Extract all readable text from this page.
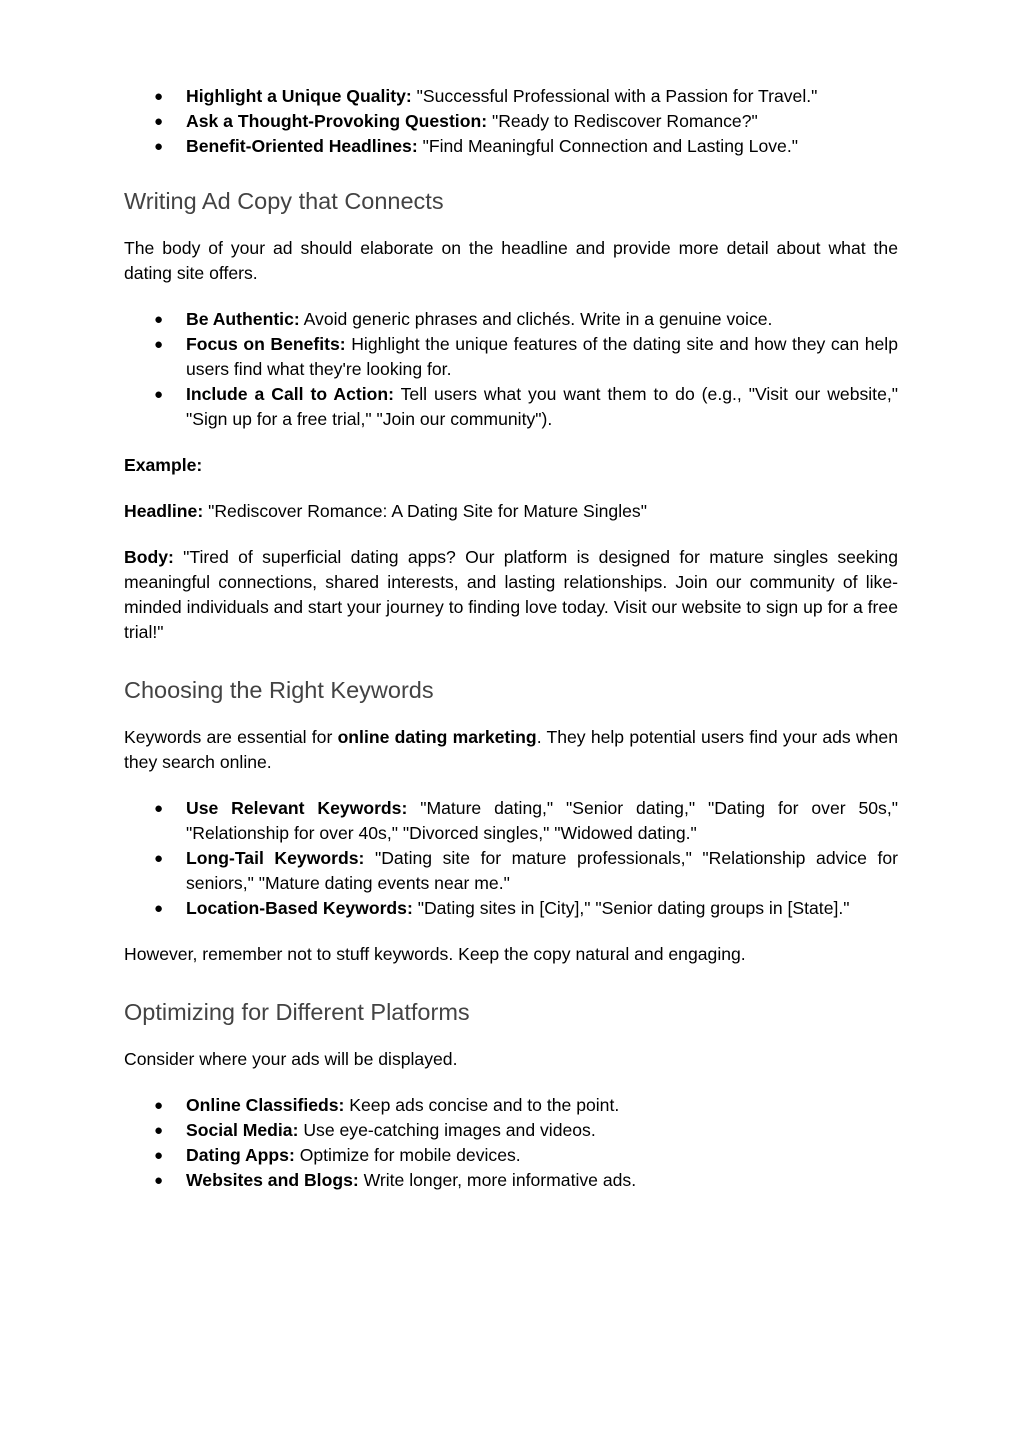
● Highlight a Unique Quality: "Successful Professional with a Passion for Travel."
● Ask a Thought-Provoking Question: "Ready to Rediscover Romance?"
● Benefit-Oriented Headlines: "Find Meaningful Connection and Lasting Love."
Writing Ad Copy that Connects

The body of your ad should elaborate on the headline and provide more detail about what the dating site offers.

● Be Authentic: Avoid generic phrases and clichés. Write in a genuine voice.
● Focus on Benefits: Highlight the unique features of the dating site and how they can help users find what they're looking for.
● Include a Call to Action: Tell users what you want them to do (e.g., "Visit our website," "Sign up for a free trial," "Join our community").

Example:

Headline: "Rediscover Romance: A Dating Site for Mature Singles"

Body: "Tired of superficial dating apps? Our platform is designed for mature singles seeking meaningful connections, shared interests, and lasting relationships. Join our community of like-minded individuals and start your journey to finding love today. Visit our website to sign up for a free trial!"

Choosing the Right Keywords

Keywords are essential for online dating marketing. They help potential users find your ads when they search online.

● Use Relevant Keywords: "Mature dating," "Senior dating," "Dating for over 50s," "Relationship for over 40s," "Divorced singles," "Widowed dating."
● Long-Tail Keywords: "Dating site for mature professionals," "Relationship advice for seniors," "Mature dating events near me."
● Location-Based Keywords: "Dating sites in [City]," "Senior dating groups in [State]."

However, remember not to stuff keywords. Keep the copy natural and engaging.

Optimizing for Different Platforms

Consider where your ads will be displayed.

● Online Classifieds: Keep ads concise and to the point.
● Social Media: Use eye-catching images and videos.
● Dating Apps: Optimize for mobile devices.
● Websites and Blogs: Write longer, more informative ads.
